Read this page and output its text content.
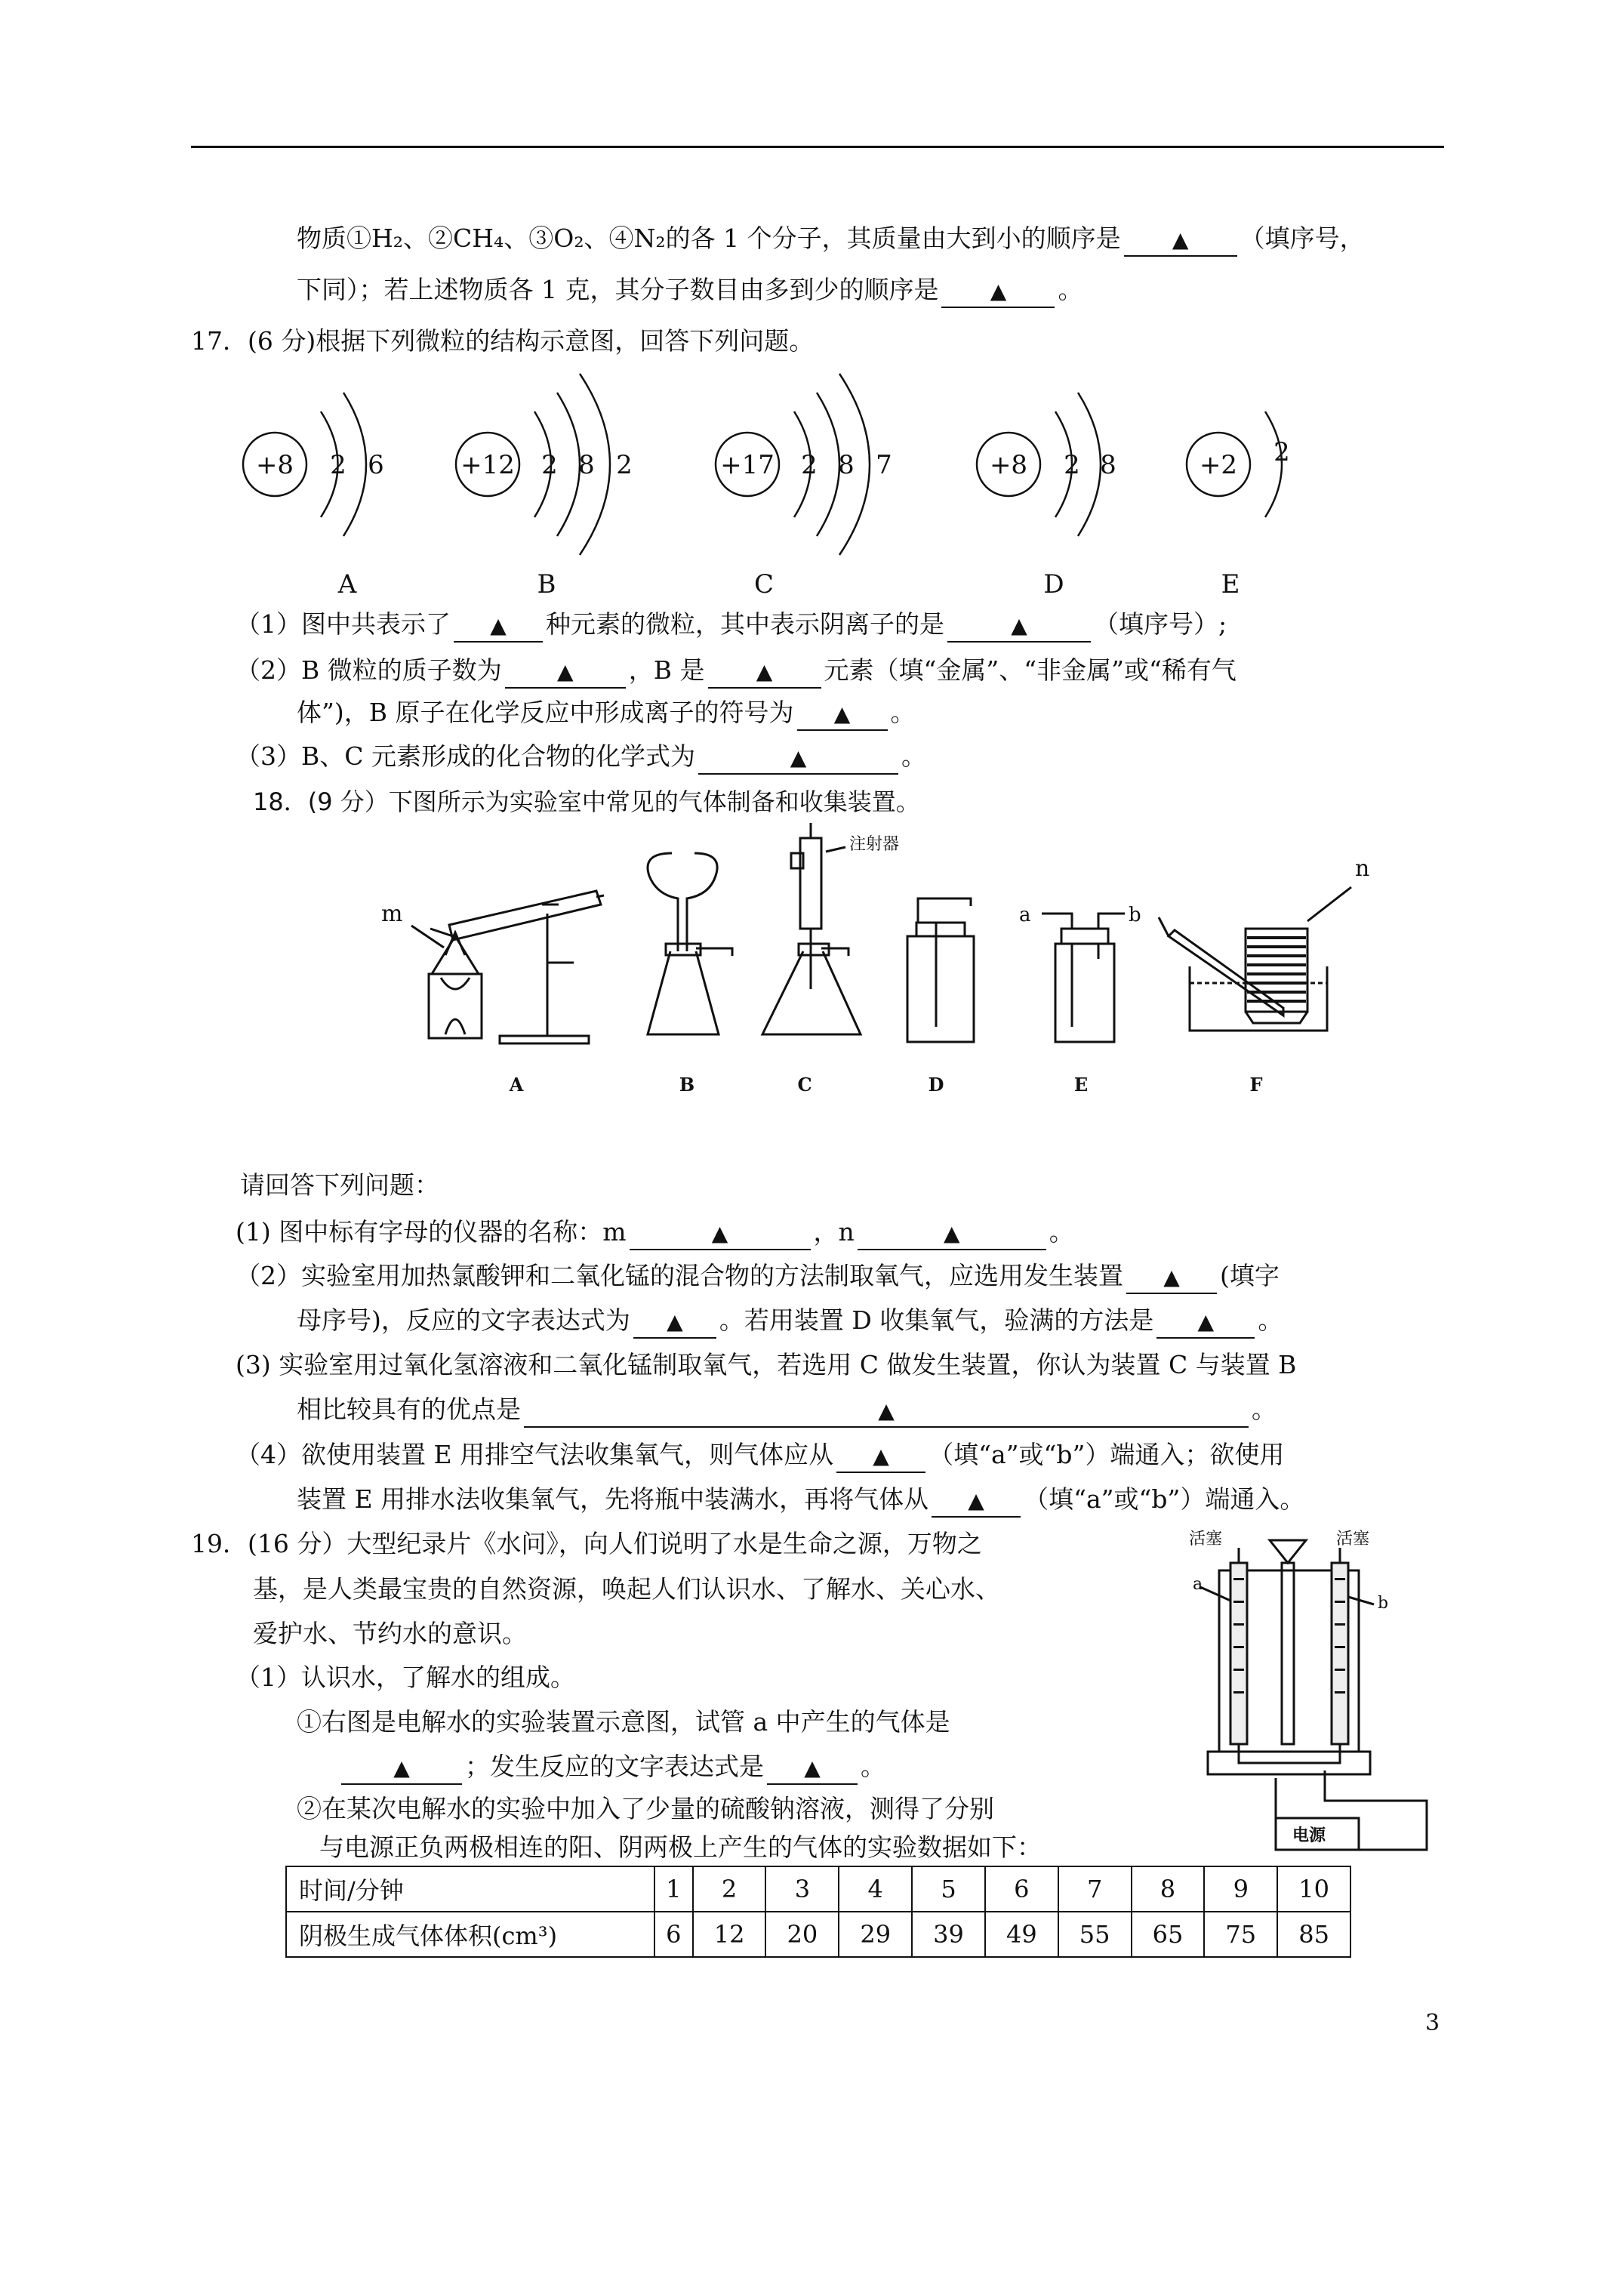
物质①H₂、②CH₄、③O₂、④N₂的各 1 个分子，其质量由大到小的顺序是 ▲ （填序号，
下同）；若上述物质各 1 克，其分子数目由多到少的顺序是 ▲ 。
17．(6 分)根据下列微粒的结构示意图，回答下列问题。
+8 2 6
A
+12 2 8 2
B
+17 2 8 7
C
+8 2 8
D
+2 2
E
（1）图中共表示了 ▲ 种元素的微粒，其中表示阴离子的是	▲	（填序号）;
（2）B 微粒的质子数为	▲ ，B 是 ▲ 元素（填“金属”、“非金属”或“稀有气
体”)，B 原子在化学反应中形成离子的符号为 ▲ 。
（3）B、C 元素形成的化合物的化学式为	▲	。
18．(9 分）下图所示为实验室中常见的气体制备和收集装置。
A	B	C	D	E	F
m
n
a	b
注射器
请回答下列问题：
(1) 图中标有字母的仪器的名称：m	▲	，n	▲	。
（2）实验室用加热氯酸钾和二氧化锰的混合物的方法制取氧气，应选用发生装置 ▲ (填字
母序号)，反应的文字表达式为 ▲ 。若用装置 D 收集氧气，验满的方法是 ▲ 。
(3) 实验室用过氧化氢溶液和二氧化锰制取氧气，若选用 C 做发生装置，你认为装置 C 与装置 B
相比较具有的优点是	▲	。
（4）欲使用装置 E 用排空气法收集氧气，则气体应从 ▲ （填“a”或“b”）端通入；欲使用
装置 E 用排水法收集氧气，先将瓶中装满水，再将气体从 ▲ （填“a”或“b”）端通入。
19．(16 分）大型纪录片《水问》，向人们说明了水是生命之源，万物之
基，是人类最宝贵的自然资源，唤起人们认识水、了解水、关心水、
爱护水、节约水的意识。
（1）认识水，了解水的组成。
①右图是电解水的实验装置示意图，试管 a 中产生的气体是
▲ ；发生反应的文字表达式是 ▲ 。
②在某次电解水的实验中加入了少量的硫酸钠溶液，测得了分别
与电源正负两极相连的阳、阴两极上产生的气体的实验数据如下：
活塞	活塞
a
b
电源
时间/分钟	1	2	3	4	5	6	7	8	9	10
阴极生成气体体积(cm³)	6	12	20	29	39	49	55	65	75	85
3
